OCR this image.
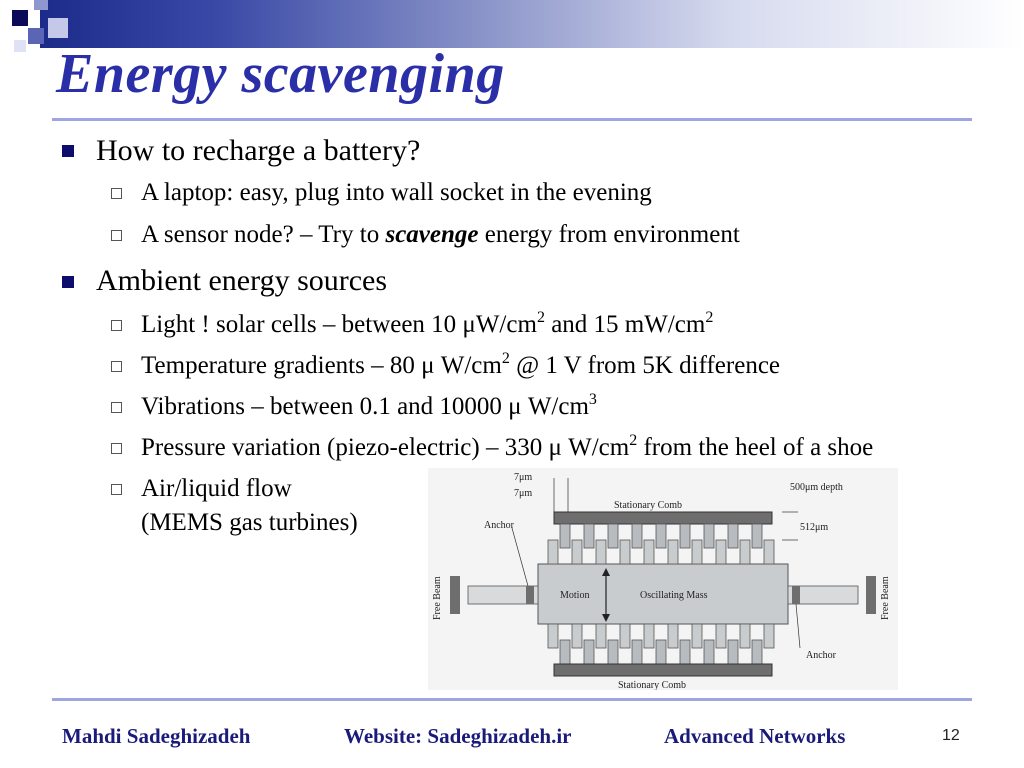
Energy scavenging
How to recharge a battery?
A laptop: easy, plug into wall socket in the evening
A sensor node? – Try to scavenge energy from environment
Ambient energy sources
Light ! solar cells – between 10 $\mu W/cm^2$ and 15 $mW/cm^2$
Temperature gradients – 80 μ $W/cm^2$ @ 1 V from 5K difference
Vibrations – between 0.1 and 10000 μ $W/cm^3$
Pressure variation (piezo-electric) – 330 μ $W/cm^2$ from the heel of a shoe
Air/liquid flow
(MEMS gas turbines)
7μm
7μm
500μm depth
512μm
Anchor
Anchor
Stationary Comb
Stationary Comb
Motion	Oscillating Mass
Free Beam	Free Beam
Mahdi Sadeghizadeh	Website: Sadeghizadeh.ir	Advanced Networks	12
